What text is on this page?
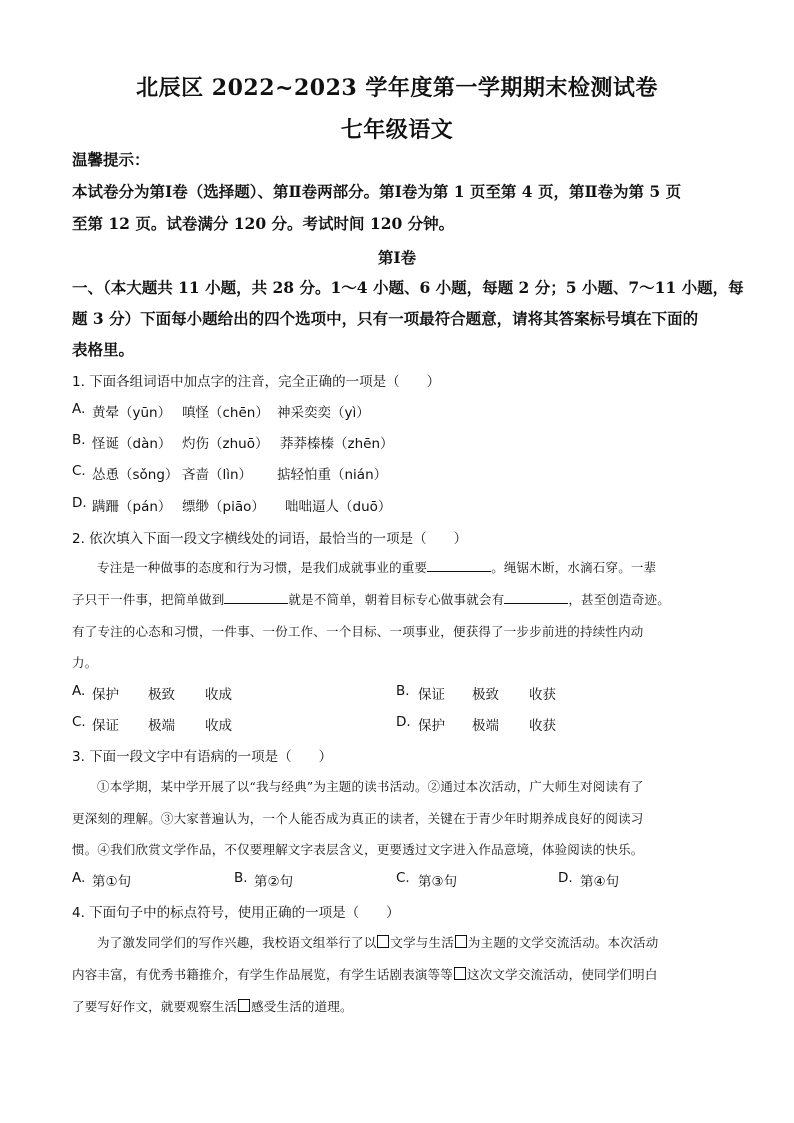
北辰区 2022~2023 学年度第一学期期末检测试卷
七年级语文
温馨提示：
本试卷分为第Ⅰ卷（选择题）、第Ⅱ卷两部分。第Ⅰ卷为第 1 页至第 4 页，第Ⅱ卷为第 5 页
至第 12 页。试卷满分 120 分。考试时间 120 分钟。
第Ⅰ卷
一、（本大题共 11 小题，共 28 分。1～4 小题、6 小题，每题 2 分；5 小题、7～11 小题，每
题 3 分）下面每小题给出的四个选项中，只有一项最符合题意，请将其答案标号填在下面的
表格里。
1. 下面各组词语中加点字的注音，完全正确的一项是（　　）
A. 黄晕（yūn） 嗔怪（chēn） 神采奕奕（yì）
B. 怪诞（dàn） 灼伤（zhuō） 莽莽榛榛（zhēn）
C. 怂恿（sǒng） 吝啬（lìn） 掂轻怕重（nián）
D. 蹒跚（pán） 缥缈（piāo） 咄咄逼人（duō）
2. 依次填入下面一段文字横线处的词语，最恰当的一项是（　　）
专注是一种做事的态度和行为习惯，是我们成就事业的重要	。绳锯木断，水滴石穿。一辈
子只干一件事，把简单做到	就是不简单，朝着目标专心做事就会有	，甚至创造奇迹。
有了专注的心态和习惯，一件事、一份工作、一个目标、一项事业，便获得了一步步前进的持续性内动
力。
A. 保护 极致 收成	B. 保证 极致 收获
C. 保证 极端 收成	D. 保护 极端 收获
3. 下面一段文字中有语病的一项是（　　）
①本学期，某中学开展了以“我与经典”为主题的读书活动。②通过本次活动，广大师生对阅读有了
更深刻的理解。③大家普遍认为，一个人能否成为真正的读者，关键在于青少年时期养成良好的阅读习
惯。④我们欣赏文学作品，不仅要理解文字表层含义，更要透过文字进入作品意境，体验阅读的快乐。
A. 第①句	B. 第②句	C. 第③句	D. 第④句
4. 下面句子中的标点符号，使用正确的一项是（　　）
为了激发同学们的写作兴趣，我校语文组举行了以 文学与生活 为主题的文学交流活动。本次活动
内容丰富，有优秀书籍推介，有学生作品展览，有学生话剧表演等等 这次文学交流活动，使同学们明白
了要写好作文，就要观察生活 感受生活的道理。
